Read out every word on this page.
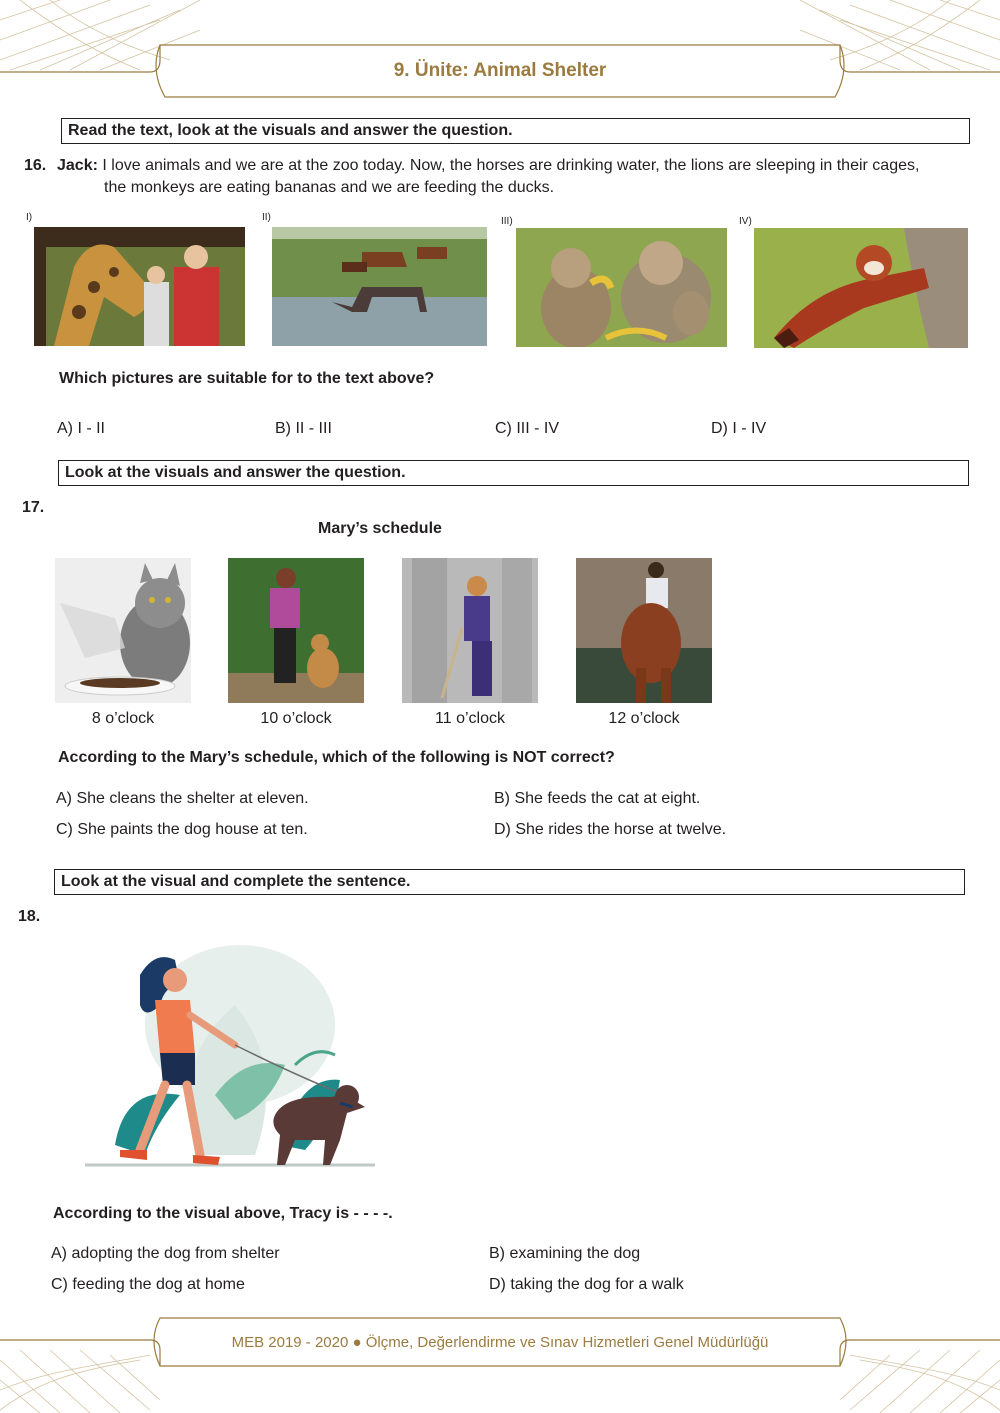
9. Ünite: Animal Shelter
Read the text, look at the visuals and answer the question.
16. Jack: I love animals and we are at the zoo today. Now, the horses are drinking water, the lions are sleeping in their cages,
the monkeys are eating bananas and we are feeding the ducks.
I)	II)	III)	IV)
Which pictures are suitable for to the text above?
A) I - II	B) II - III	C) III - IV	D) I - IV
Look at the visuals and answer the question.
17.
Mary’s schedule
8 o’clock	10 o’clock	11 o’clock	12 o’clock
According to the Mary’s schedule, which of the following is NOT correct?
A) She cleans the shelter at eleven.	B) She feeds the cat at eight.
C) She paints the dog house at ten.	D) She rides the horse at twelve.
Look at the visual and complete the sentence.
18.
According to the visual above, Tracy is - - - -.
A) adopting the dog from shelter	B) examining the dog
C) feeding the dog at home	D) taking the dog for a walk
MEB 2019 - 2020 ● Ölçme, Değerlendirme ve Sınav Hizmetleri Genel Müdürlüğü
